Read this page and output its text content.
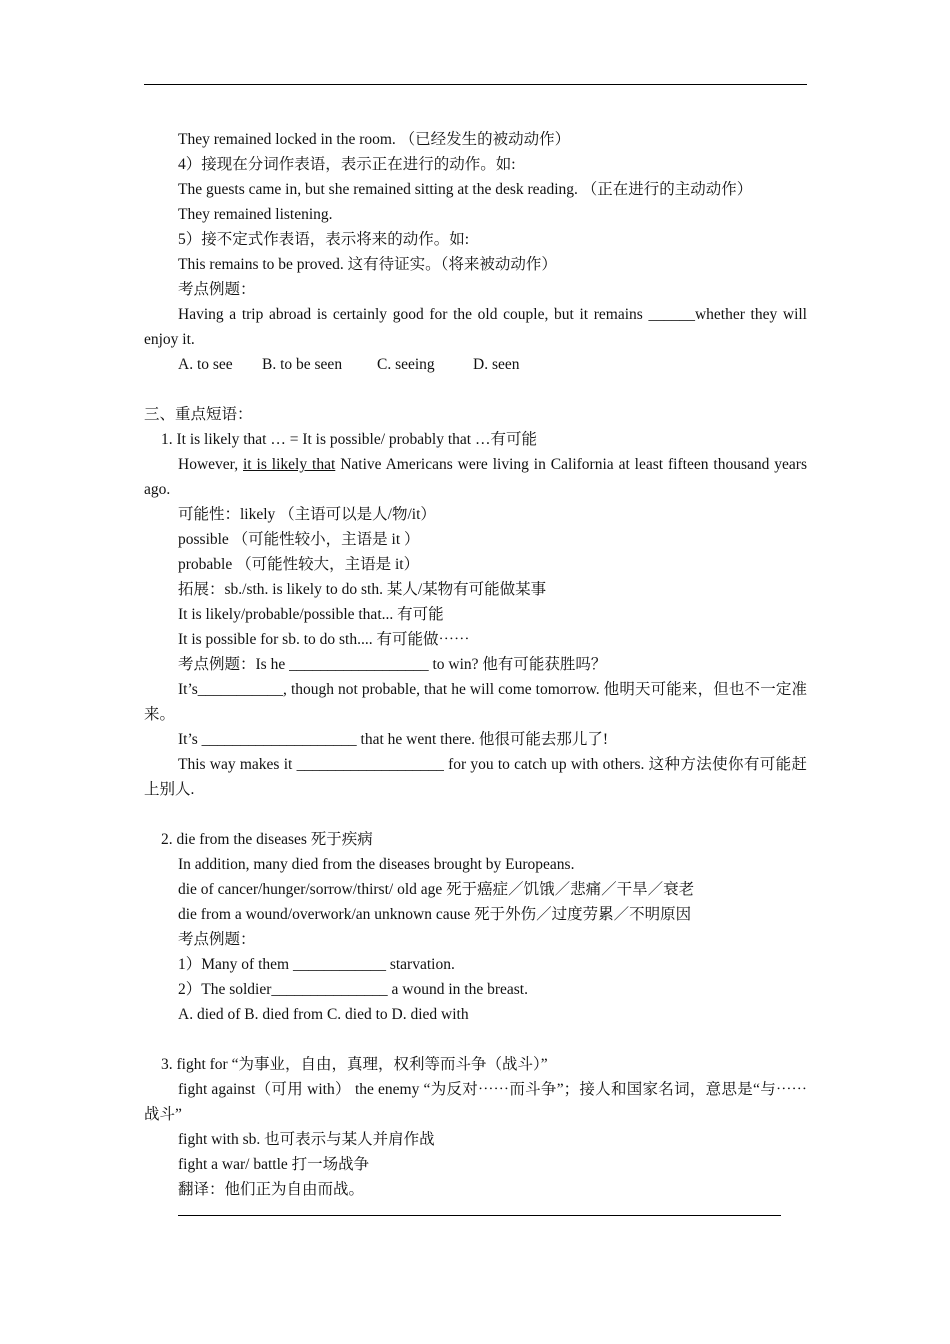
They remained locked in the room. （已经发生的被动动作）
4）接现在分词作表语，表示正在进行的动作。如:
The guests came in, but she remained sitting at the desk reading. （正在进行的主动动作）
They remained listening.
5）接不定式作表语，表示将来的动作。如:
This remains to be proved. 这有待证实。（将来被动动作）
考点例题：
Having a trip abroad is certainly good for the old couple, but it remains ______whether they will enjoy it.
A. to see B. to be seen C. seeing D. seen
三、重点短语：
1. It is likely that … = It is possible/ probably that …有可能
However, it is likely that Native Americans were living in California at least fifteen thousand years ago.
可能性：likely （主语可以是人/物/it）
possible （可能性较小，主语是 it ）
probable （可能性较大，主语是 it）
拓展：sb./sth. is likely to do sth. 某人/某物有可能做某事
It is likely/probable/possible that... 有可能
It is possible for sb. to do sth.... 有可能做⋯⋯
考点例题：Is he __________________ to win? 他有可能获胜吗？
It’s___________, though not probable, that he will come tomorrow. 他明天可能来，但也不一定准来。
It’s ____________________ that he went there. 他很可能去那儿了!
This way makes it ___________________ for you to catch up with others. 这种方法使你有可能赶上别人.
2. die from the diseases 死于疾病
In addition, many died from the diseases brought by Europeans.
die of cancer/hunger/sorrow/thirst/ old age 死于癌症／饥饿／悲痛／干旱／衰老
die from a wound/overwork/an unknown cause 死于外伤／过度劳累／不明原因
考点例题：
1）Many of them ____________ starvation.
2）The soldier_______________ a wound in the breast.
A. died of B. died from C. died to D. died with
3. fight for “为事业，自由，真理，权利等而斗争（战斗）”
fight against（可用 with） the enemy “为反对⋯⋯而斗争”；接人和国家名词，意思是“与⋯⋯战斗”
fight with sb. 也可表示与某人并肩作战
fight a war/ battle 打一场战争
翻译：他们正为自由而战。
